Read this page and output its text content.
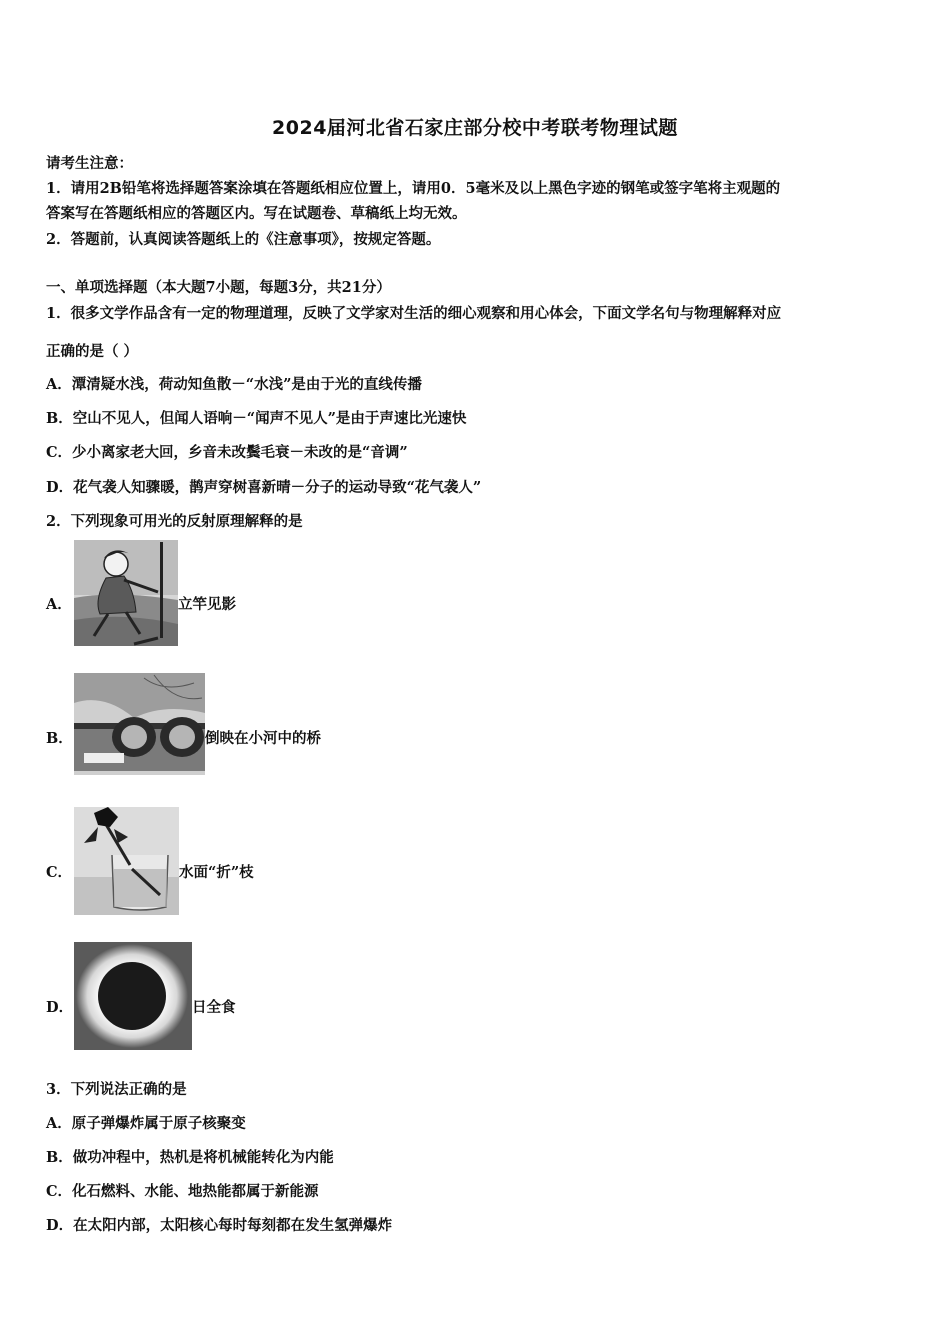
2024届河北省石家庄部分校中考联考物理试题
请考生注意：
1．请用2B铅笔将选择题答案涂填在答题纸相应位置上，请用0．5毫米及以上黑色字迹的钢笔或签字笔将主观题的
答案写在答题纸相应的答题区内。写在试题卷、草稿纸上均无效。
2．答题前，认真阅读答题纸上的《注意事项》，按规定答题。
一、单项选择题（本大题7小题，每题3分，共21分）
1．很多文学作品含有一定的物理道理，反映了文学家对生活的细心观察和用心体会，下面文学名句与物理解释对应
正确的是（ ）
A．潭清疑水浅，荷动知鱼散－“水浅”是由于光的直线传播
B．空山不见人，但闻人语响－“闻声不见人”是由于声速比光速快
C．少小离家老大回，乡音未改鬓毛衰－未改的是“音调”
D．花气袭人知骤暖，鹊声穿树喜新晴－分子的运动导致“花气袭人”
2．下列现象可用光的反射原理解释的是
A．	立竿见影
B．	倒映在小河中的桥
C．	水面“折”枝
D．	日全食
3．下列说法正确的是
A．原子弹爆炸属于原子核聚变
B．做功冲程中，热机是将机械能转化为内能
C．化石燃料、水能、地热能都属于新能源
D．在太阳内部，太阳核心每时每刻都在发生氢弹爆炸
